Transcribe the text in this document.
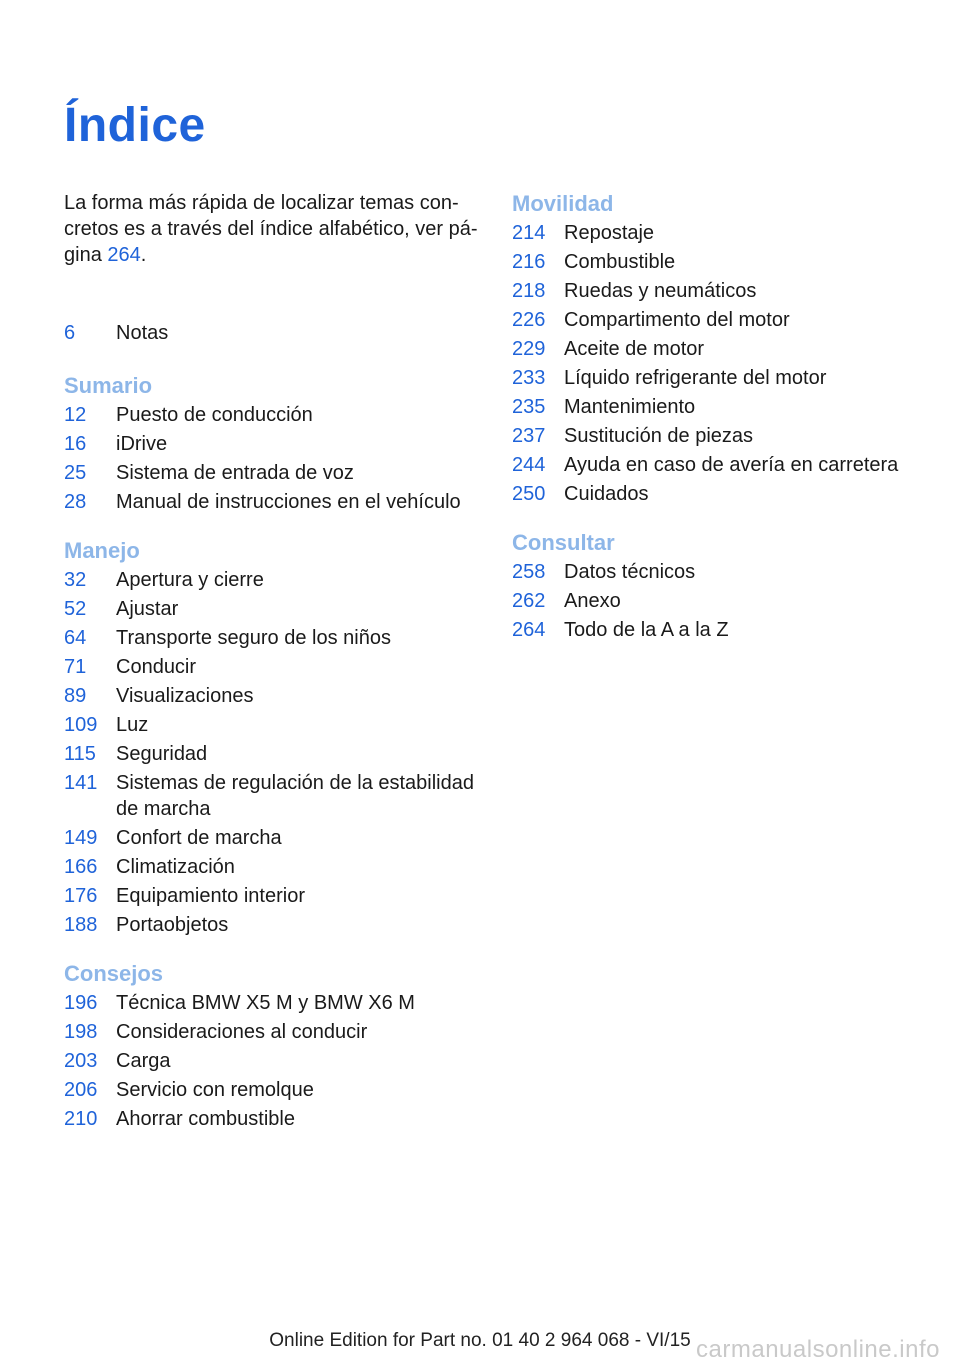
Índice

La forma más rápida de localizar temas con-cretos es a través del índice alfabético, ver pá-gina 264.

6	Notas
Sumario
12	Puesto de conducción
16	iDrive
25	Sistema de entrada de voz
28	Manual de instrucciones en el vehículo
Manejo
32	Apertura y cierre
52	Ajustar
64	Transporte seguro de los niños
71	Conducir
89	Visualizaciones
109 Luz
115	Seguridad
141 Sistemas de regulación de la estabilidad de marcha
149 Confort de marcha
166 Climatización
176 Equipamiento interior
188 Portaobjetos
Consejos
196 Técnica BMW X5 M y BMW X6 M
198 Consideraciones al conducir
203 Carga
206 Servicio con remolque
210 Ahorrar combustible
Movilidad
214 Repostaje
216 Combustible
218 Ruedas y neumáticos
226 Compartimento del motor
229 Aceite de motor
233 Líquido refrigerante del motor
235 Mantenimiento
237 Sustitución de piezas
244 Ayuda en caso de avería en carretera
250 Cuidados
Consultar
258 Datos técnicos
262 Anexo
264 Todo de la A a la Z
Online Edition for Part no. 01 40 2 964 068 - VI/15 carmanualsonline.info
